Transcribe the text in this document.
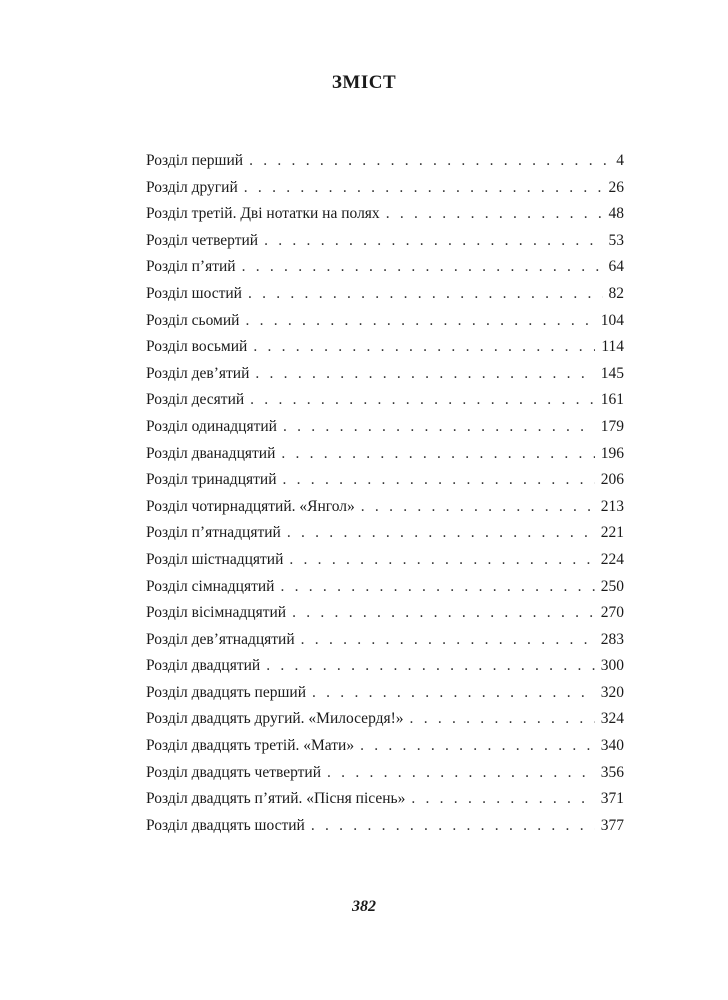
ЗМІСТ
Розділ перший . . .	4
Розділ другий . . .	26
Розділ третій. Дві нотатки на полях . . .	48
Розділ четвертий . . .	53
Розділ п’ятий . . .	64
Розділ шостий . . .	82
Розділ сьомий . . .	104
Розділ восьмий . . .	114
Розділ дев’ятий . . .	145
Розділ десятий . . .	161
Розділ одинадцятий . . .	179
Розділ дванадцятий . . .	196
Розділ тринадцятий . . .	206
Розділ чотирнадцятий. «Янгол» . . .	213
Розділ п’ятнадцятий . . .	221
Розділ шістнадцятий . . .	224
Розділ сімнадцятий . . .	250
Розділ вісімнадцятий . . .	270
Розділ дев’ятнадцятий . . .	283
Розділ двадцятий . . .	300
Розділ двадцять перший . . .	320
Розділ двадцять другий. «Милосердя!» . . .	324
Розділ двадцять третій. «Мати» . . .	340
Розділ двадцять четвертий . . .	356
Розділ двадцять п’ятий. «Пісня пісень» . . .	371
Розділ двадцять шостий . . .	377
382
